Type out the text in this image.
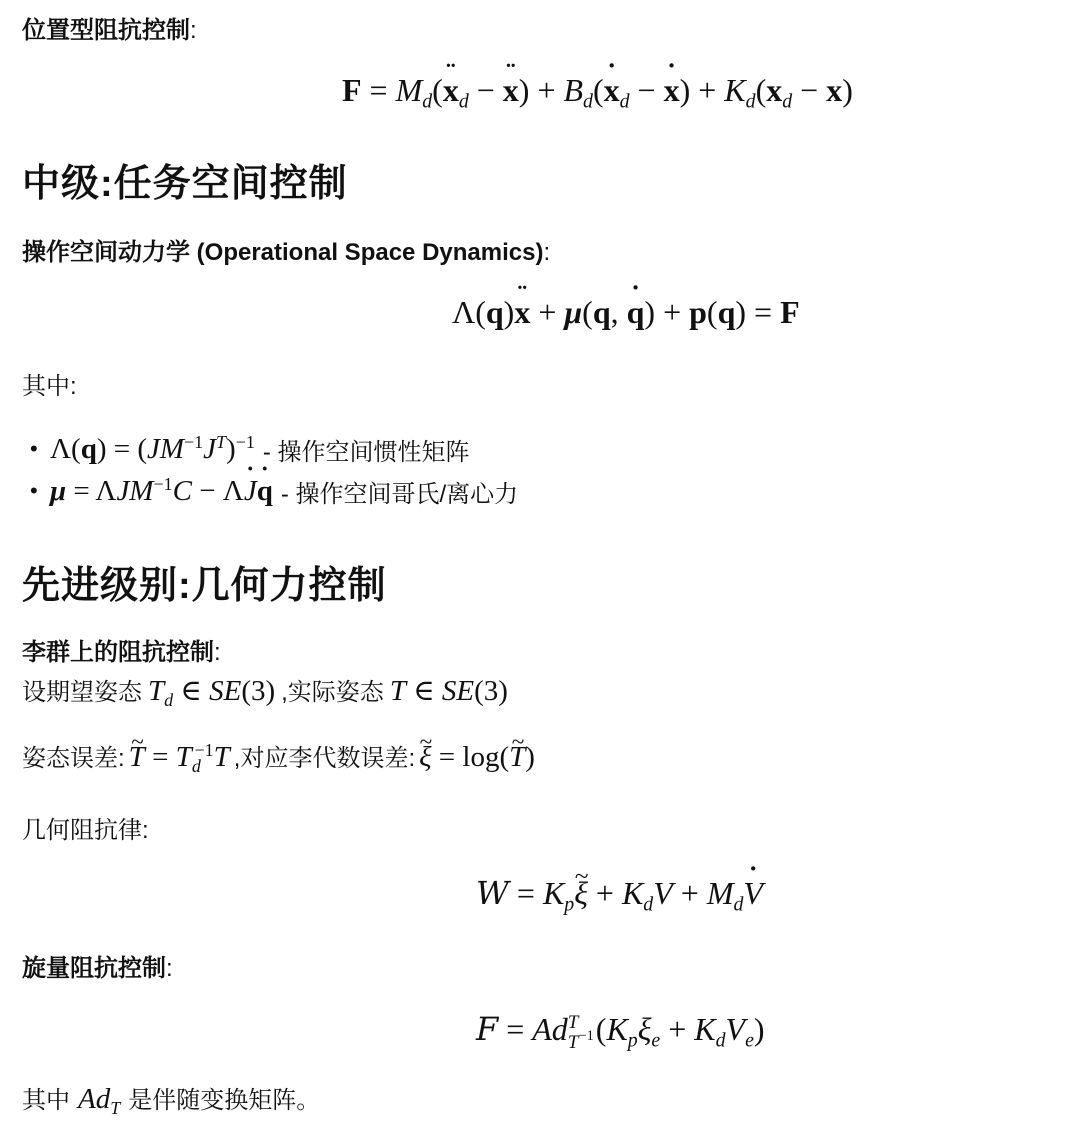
位置型阻抗控制:
$F = M_d(x$ $¨_d - x$ ¨) + $B_d(x$ $˙_d - x$ ˙) + $K_d(x_d - x)$
中级:任务空间控制
操作空间动力学 (Operational Space Dynamics):
Λ(q)x ¨ + μ(q, q ˙) + p(q) = F
其中:
• $\Lambda(q) = (JM^{-1}J^T)^{-1}$ - 操作空间惯性矩阵
• $\mu = \Lambda JM^{-1}C - \Lambda J$ ˙q ˙ - 操作空间哥氏/离心力
先进级别:几何力控制
李群上的阻抗控制:
设期望姿态 $T_d$ ∈ SE(3) ,实际姿态 T ∈ SE(3)
姿态误差: T ~ = $T_d^{-1}T$ ,对应李代数误差: ξ ~ = log(T ~)
几何阻抗律:
$W = K_p\xi$ ~ + $K_dV + M_dV$ ˙
旋量阻抗控制:
F = Ad T
$T^{-1}$ $(K_p\xi_e + K_dV_e)$
其中 $Ad_T$ 是伴随变换矩阵。
